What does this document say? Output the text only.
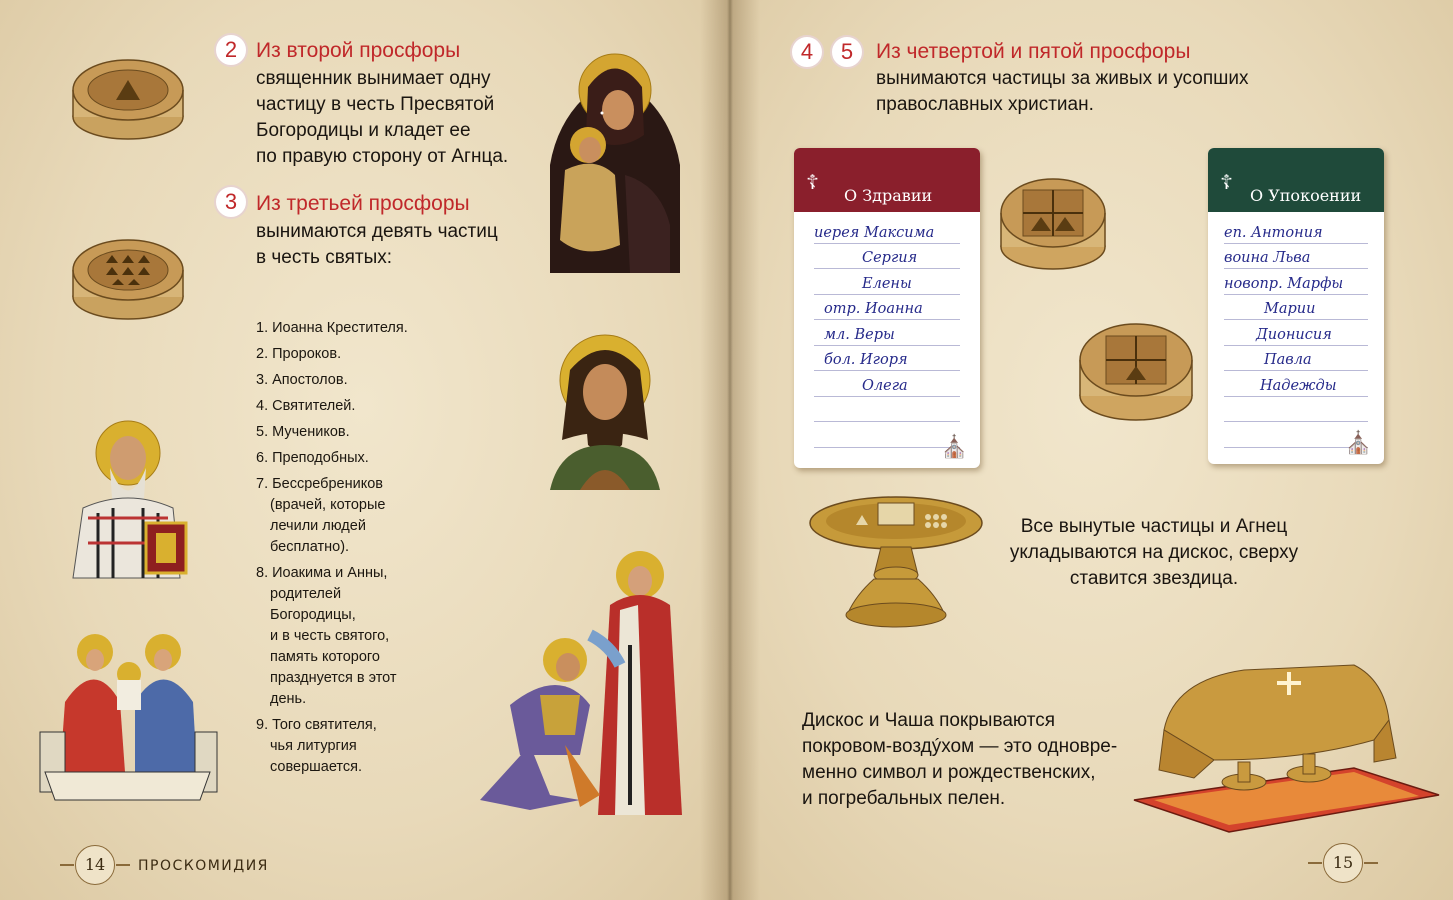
2 Из второй просфоры
священник вынимает одну
частицу в честь Пресвятой
Богородицы и кладет ее
по правую сторону от Агнца.
3 Из третьей просфоры
вынимаются девять частиц
в честь святых:
1. Иоанна Крестителя.
2. Пророков.
3. Апостолов.
4. Святителей.
5. Мучеников.
6. Преподобных.
7. Бессребреников
(врачей, которые
лечили людей
бесплатно).
8. Иоакима и Анны,
родителей
Богородицы,
и в честь святого,
память которого
празднуется в этот
день.
9. Того святителя,
чья литургия
совершается.
14	ПРОСКОМИДИЯ
4	5	Из четвертой и пятой просфоры
вынимаются частицы за живых и усопших
православных христиан.
☦
О Здравии
иерея Максима
Сергия
Елены
отр. Иоанна
мл. Веры
бол. Игоря
Олега
⛪
☦
О Упокоении
еп. Антония
воина Льва
новопр. Марфы
Марии
Дионисия
Павла
Надежды
⛪
Все вынутые частицы и Агнец
укладываются на дискос, сверху
ставится звездица.
Дискос и Чаша покрываются
покровом-воздýхом — это одновре-
менно символ и рождественских,
и погребальных пелен.
15
